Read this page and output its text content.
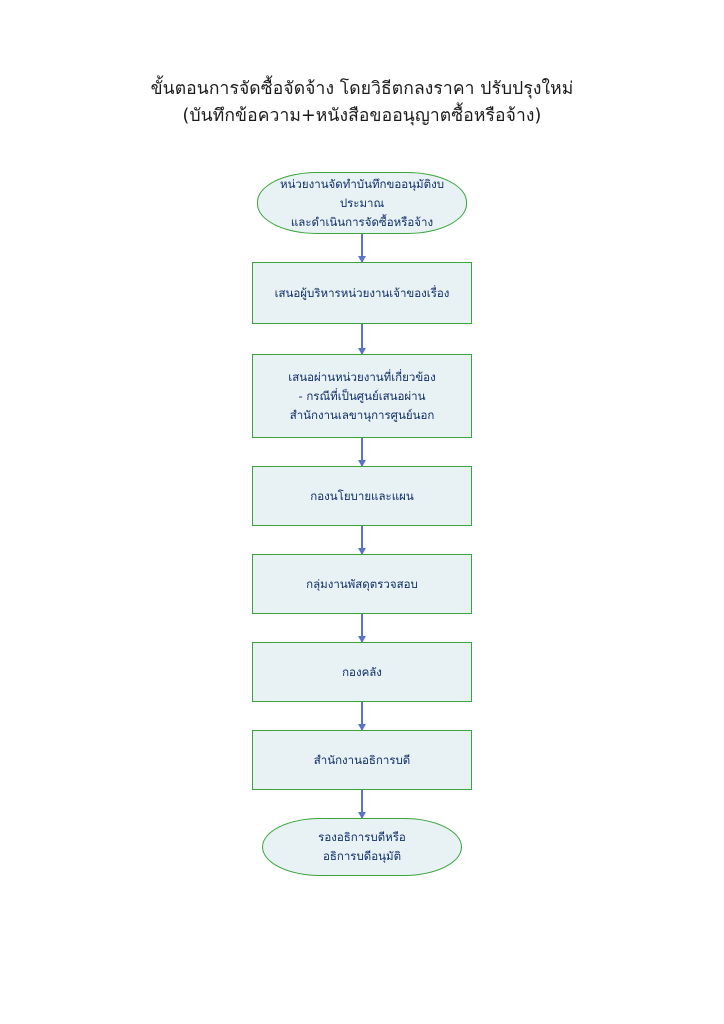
ขั้นตอนการจัดซื้อจัดจ้าง โดยวิธีตกลงราคา ปรับปรุงใหม่
(บันทึกข้อความ+หนังสือขออนุญาตซื้อหรือจ้าง)
หน่วยงานจัดทำบันทึกขออนุมัติงบประมาณ
และดำเนินการจัดซื้อหรือจ้าง
เสนอผู้บริหารหน่วยงานเจ้าของเรื่อง
เสนอผ่านหน่วยงานที่เกี่ยวข้อง
- กรณีที่เป็นศูนย์เสนอผ่าน
สำนักงานเลขานุการศูนย์นอก
กองนโยบายและแผน
กลุ่มงานพัสดุตรวจสอบ
กองคลัง
สำนักงานอธิการบดี
รองอธิการบดีหรือ
อธิการบดีอนุมัติ
